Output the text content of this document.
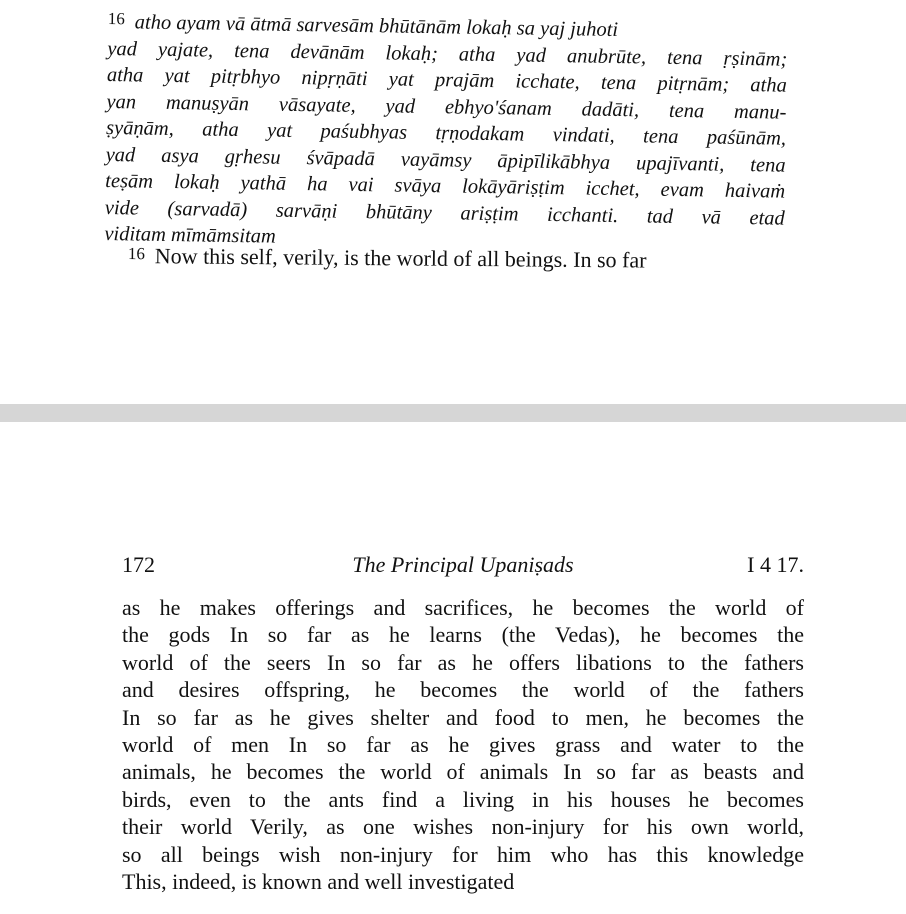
$^{16}$ atho ayam vā ātmā sarvesām bhūtānām lokaḥ sa yaj juhoti
yad yajate, tena devānām lokaḥ; atha yad anubrūte, tena ṛṣinām;
atha yat pitṛbhyo nipṛṇāti yat prajām icchate, tena pitṛnām; atha
yan manuṣyān vāsayate, yad ebhyo'śanam dadāti, tena manu-
ṣyāṇām, atha yat paśubhyas tṛṇodakam vindati, tena paśūnām,
yad asya gṛhesu śvāpadā vayāmsy āpipīlikābhya upajīvanti, tena
teṣām lokaḥ yathā ha vai svāya lokāyāriṣṭim icchet, evam haivaṁ
vide (sarvadā) sarvāṇi bhūtāny ariṣṭim icchanti. tad vā etad
viditam mīmāmsitam
$^{16}$ Now this self, verily, is the world of all beings. In so far
172	The Principal Upaniṣads	I 4 17.
as he makes offerings and sacrifices, he becomes the world of
the gods In so far as he learns (the Vedas), he becomes the
world of the seers In so far as he offers libations to the fathers
and desires offspring, he becomes the world of the fathers
In so far as he gives shelter and food to men, he becomes the
world of men In so far as he gives grass and water to the
animals, he becomes the world of animals In so far as beasts and
birds, even to the ants find a living in his houses he becomes
their world Verily, as one wishes non-injury for his own world,
so all beings wish non-injury for him who has this knowledge
This, indeed, is known and well investigated
